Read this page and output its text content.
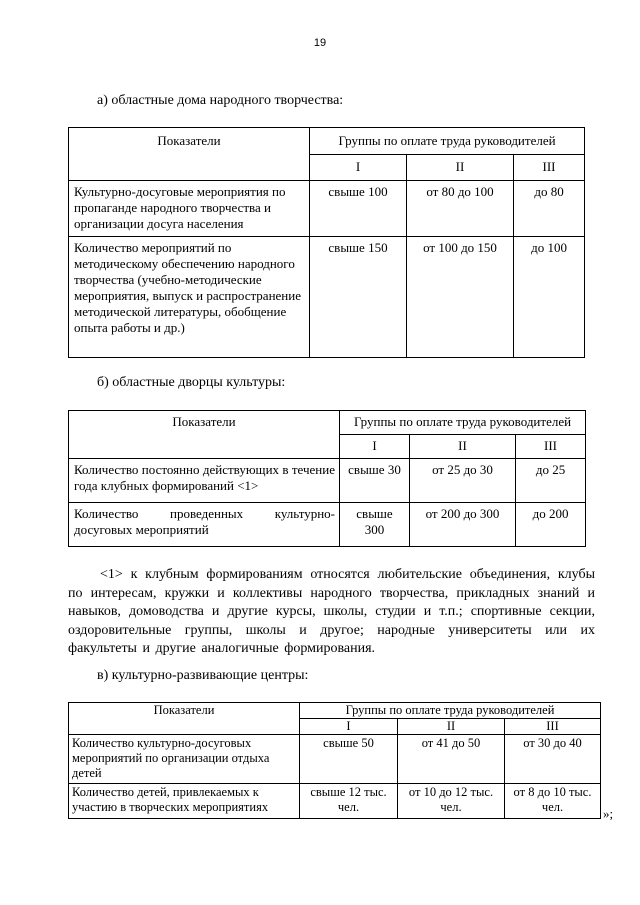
19
а) областные дома народного творчества:
Показатели	Группы по оплате труда руководителей		
	I	II	III
Культурно-досуговые мероприятия по пропаганде народного творчества и организации досуга населения	свыше 100	от 80 до 100	до 80
Количество мероприятий по методическому обеспечению народного творчества (учебно-методические мероприятия, выпуск и распространение методической литературы, обобщение опыта работы и др.)	свыше 150	от 100 до 150	до 100
б) областные дворцы культуры:
Показатели	Группы по оплате труда руководителей		
	I	II	III
Количество постоянно действующих в течение года клубных формирований <1>	свыше 30	от 25 до 30	до 25
Количество проведенных культурно-досуговых мероприятий	свыше 300	от 200 до 300	до 200
<1> к клубным формированиям относятся любительские объединения, клубы по интересам, кружки и коллективы народного творчества, прикладных знаний и навыков, домоводства и другие курсы, школы, студии и т.п.; спортивные секции, оздоровительные группы, школы и другое; народные университеты или их факультеты и другие аналогичные формирования.
в) культурно-развивающие центры:
Показатели	Группы по оплате труда руководителей		
	I	II	III
Количество культурно-досуговых мероприятий по организации отдыха детей	свыше 50	от 41 до 50	от 30 до 40
Количество детей, привлекаемых к участию в творческих мероприятиях	свыше 12 тыс. чел.	от 10 до 12 тыс. чел.	от 8 до 10 тыс. чел.	»;
